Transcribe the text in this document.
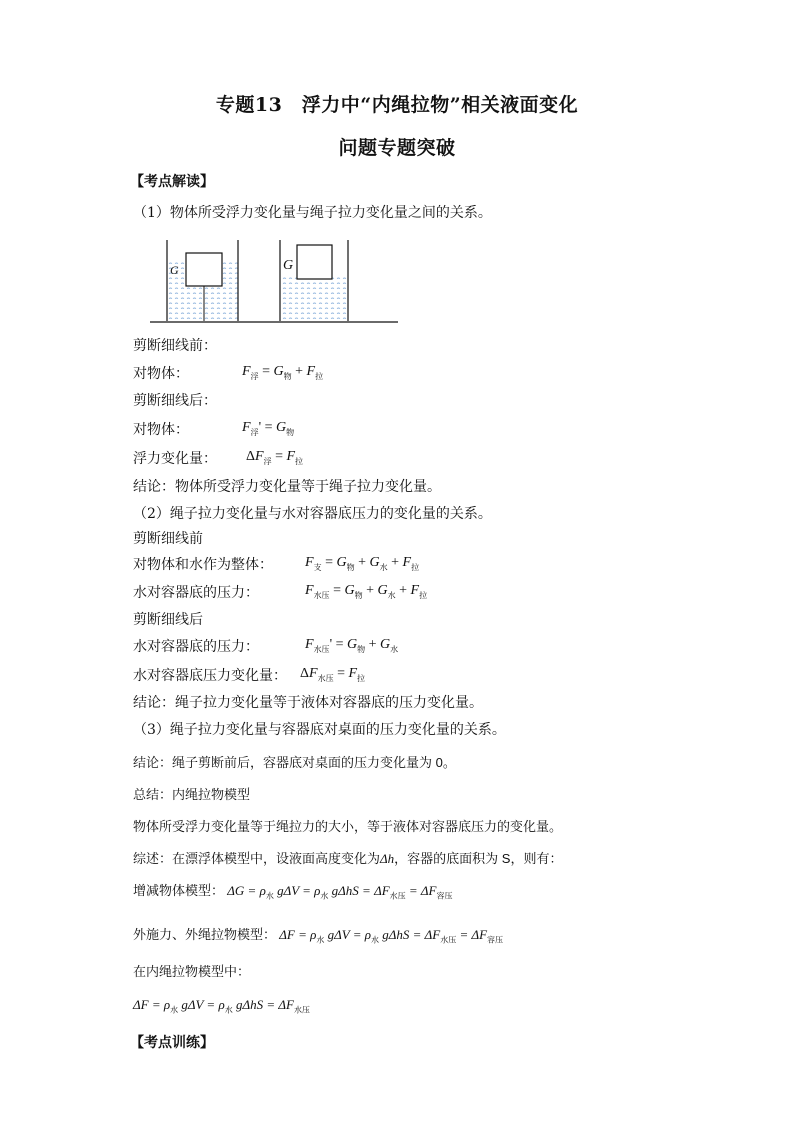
专题13　浮力中“内绳拉物”相关液面变化
问题专题突破
【考点解读】
（1）物体所受浮力变化量与绳子拉力变化量之间的关系。
G	G
剪断细线前：
对物体：	$F_浮 = G_物 + F_拉$
剪断细线后：
对物体：	$F_浮' = G_物$
浮力变化量： $\Delta F_浮 = F_拉$
结论：物体所受浮力变化量等于绳子拉力变化量。
（2）绳子拉力变化量与水对容器底压力的变化量的关系。
剪断细线前
对物体和水作为整体： $F_支 = G_物 + G_水 + F_拉$
水对容器底的压力：	$F_{水压} = G_物 + G_水 + F_拉$
剪断细线后
水对容器底的压力：	$F_{水压}' = G_物 + G_水$
水对容器底压力变化量： $\Delta F_{水压} = F_拉$
结论：绳子拉力变化量等于液体对容器底的压力变化量。
（3）绳子拉力变化量与容器底对桌面的压力变化量的关系。
结论：绳子剪断前后，容器底对桌面的压力变化量为 0。
总结：内绳拉物模型
物体所受浮力变化量等于绳拉力的大小，等于液体对容器底压力的变化量。
综述：在漂浮体模型中，设液面高度变化为Δh，容器的底面积为 S，则有：
增减物体模型： $\Delta G = \rho_水$ $g\Delta V = \rho_水$ $g\Delta hS = \Delta F_{水压} = \Delta F_{容压}$
外施力、外绳拉物模型： $\Delta F = \rho_水$ $g\Delta V = \rho_水$ $g\Delta hS = \Delta F_{水压} = \Delta F_{容压}$
在内绳拉物模型中：
$\Delta F = \rho_水$ $g\Delta V = \rho_水$ $g\Delta hS = \Delta F_{水压}$
【考点训练】
